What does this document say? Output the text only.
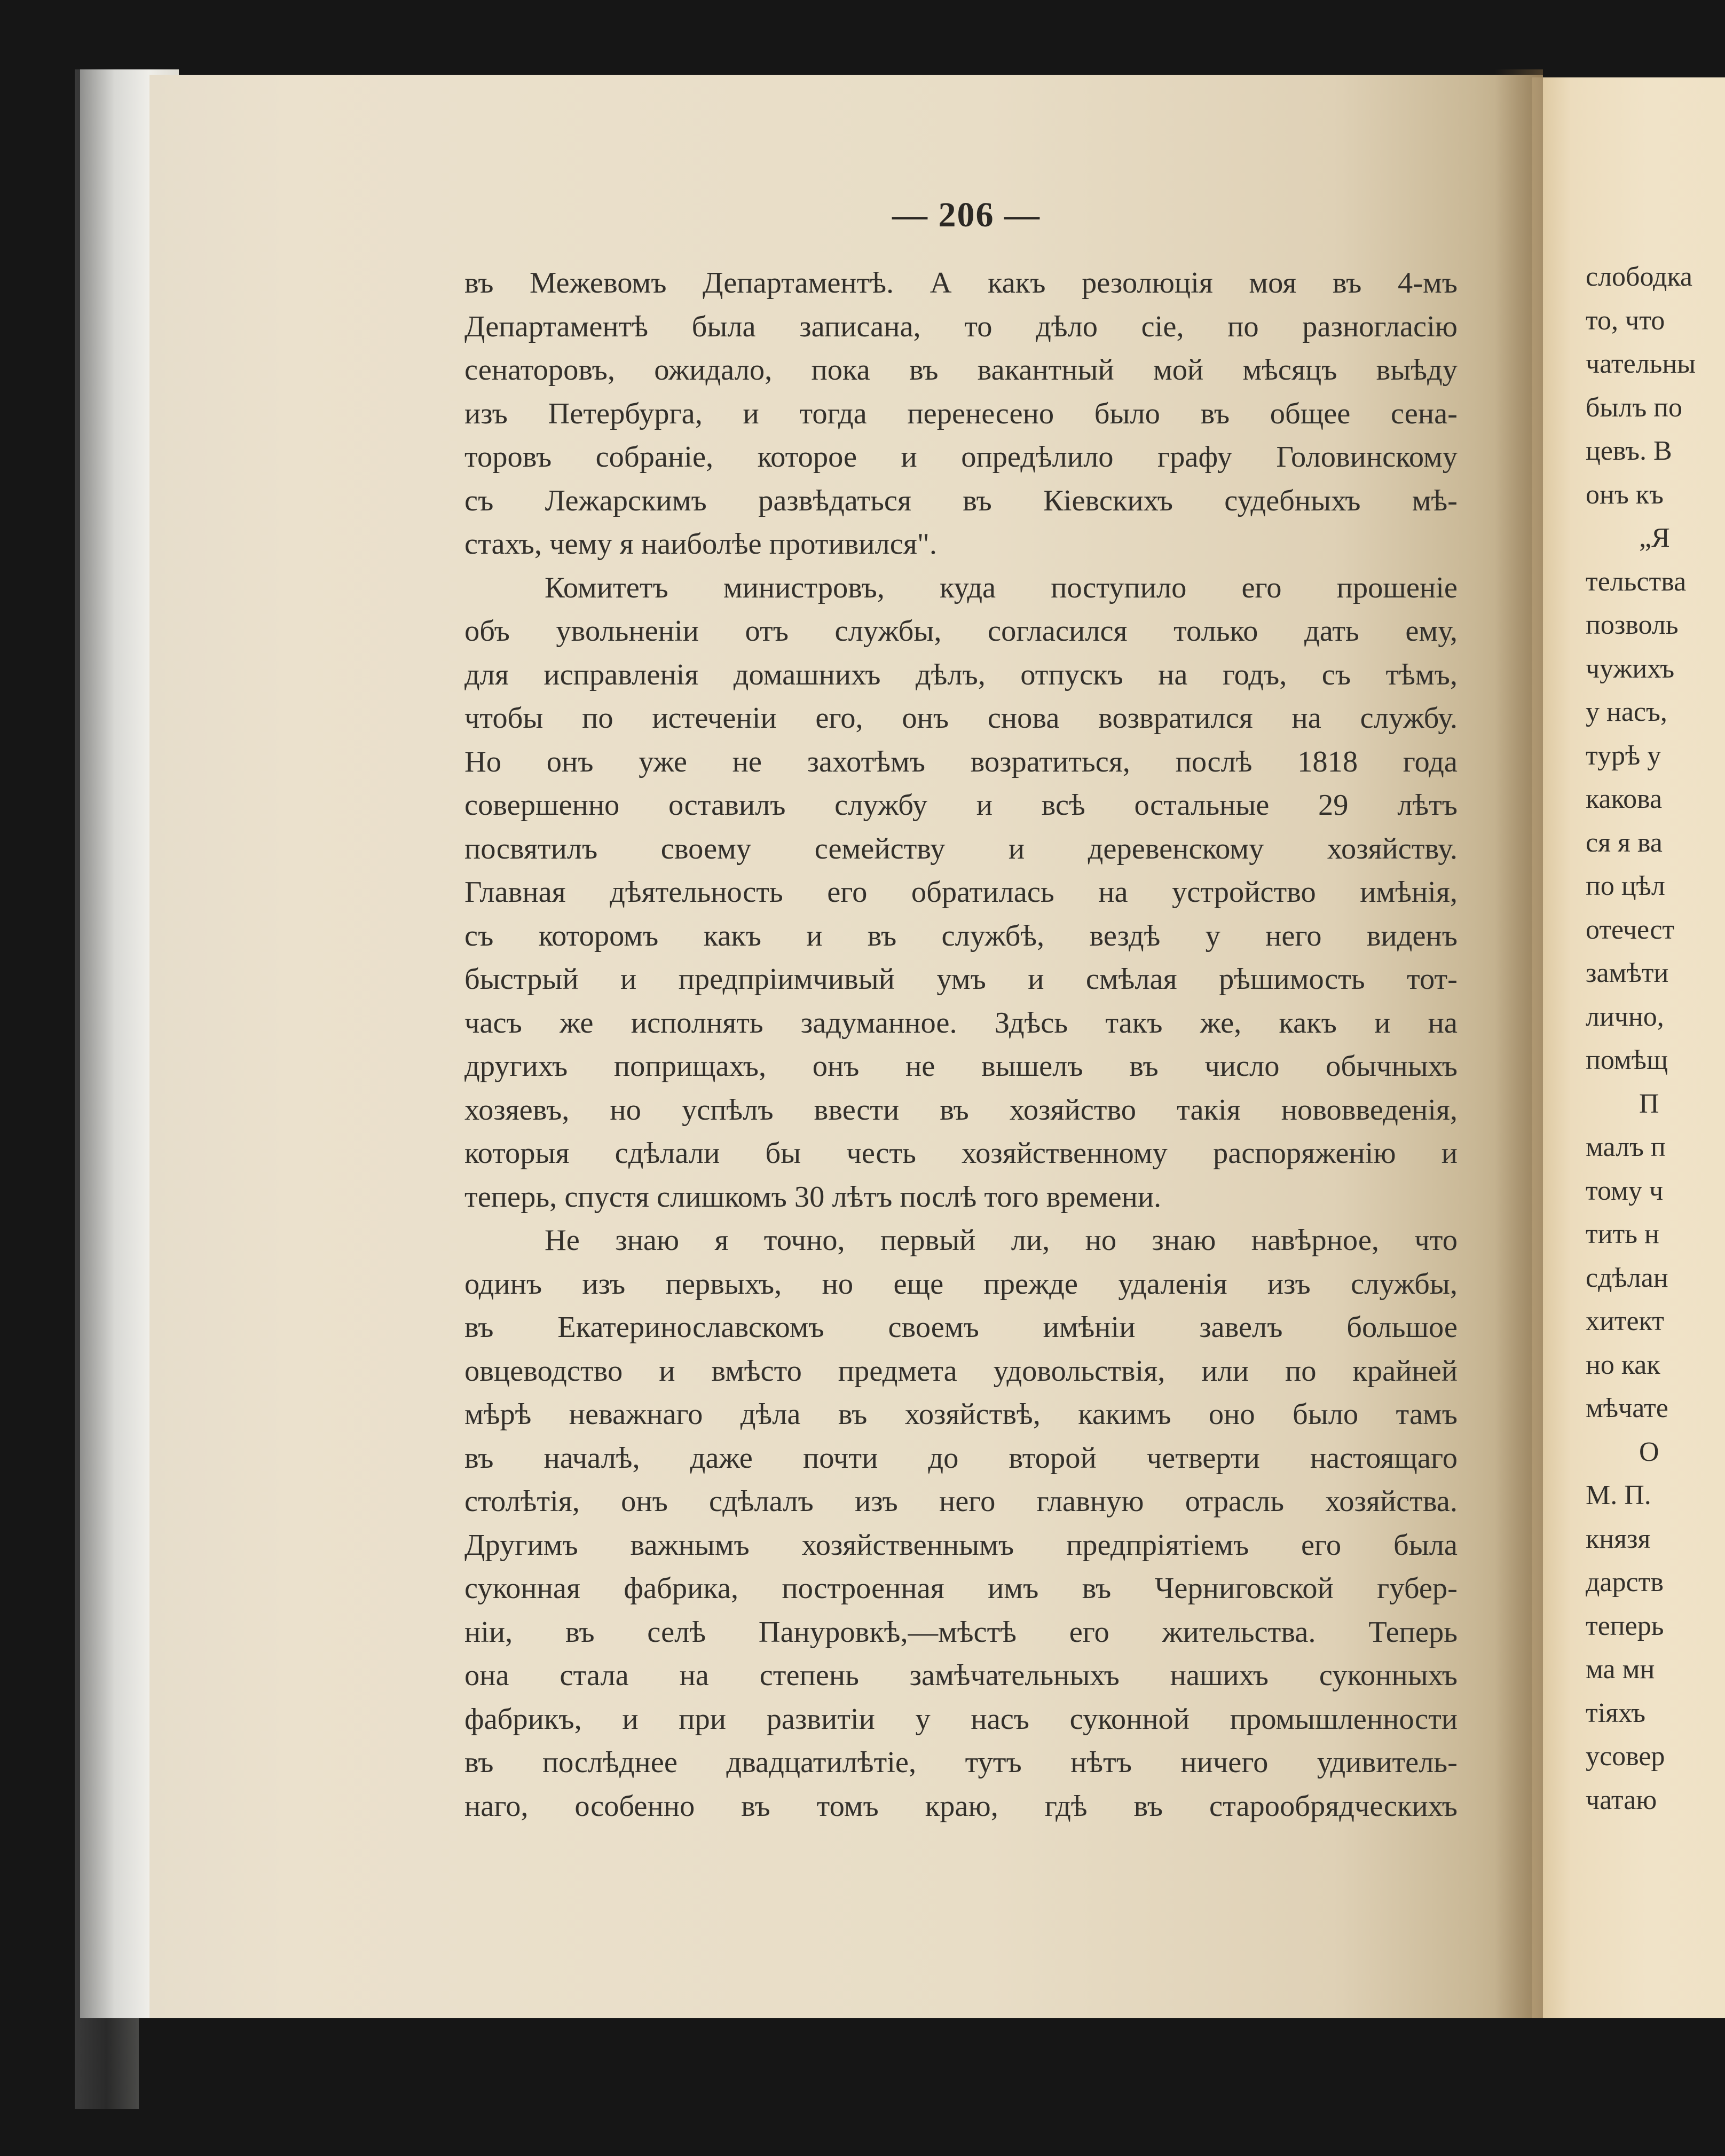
— 206 —
въ Межевомъ Департаментѣ. А какъ резолюція моя въ 4-мъ
Департаментѣ была записана, то дѣло сіе, по разногласію
сенаторовъ, ожидало, пока въ вакантный мой мѣсяцъ выѣду
изъ Петербурга, и тогда перенесено было въ общее сена-
торовъ собраніе, которое и опредѣлило графу Головинскому
съ Лежарскимъ развѣдаться въ Кіевскихъ судебныхъ мѣ-
стахъ, чему я наиболѣе противился".
Комитетъ министровъ, куда поступило его прошеніе
объ увольненіи отъ службы, согласился только дать ему,
для исправленія домашнихъ дѣлъ, отпускъ на годъ, съ тѣмъ,
чтобы по истеченіи его, онъ снова возвратился на службу.
Но онъ уже не захотѣмъ возратиться, послѣ 1818 года
совершенно оставилъ службу и всѣ остальные 29 лѣтъ
посвятилъ своему семейству и деревенскому хозяйству.
Главная дѣятельность его обратилась на устройство имѣнія,
съ которомъ какъ и въ службѣ, вездѣ у него виденъ
быстрый и предпріимчивый умъ и смѣлая рѣшимость тот-
часъ же исполнять задуманное. Здѣсь такъ же, какъ и на
другихъ поприщахъ, онъ не вышелъ въ число обычныхъ
хозяевъ, но успѣлъ ввести въ хозяйство такія нововведенія,
которыя сдѣлали бы честь хозяйственному распоряженію и
теперь, спустя слишкомъ 30 лѣтъ послѣ того времени.
Не знаю я точно, первый ли, но знаю навѣрное, что
одинъ изъ первыхъ, но еще прежде удаленія изъ службы,
въ Екатеринославскомъ своемъ имѣніи завелъ большое
овцеводство и вмѣсто предмета удовольствія, или по крайней
мѣрѣ неважнаго дѣла въ хозяйствѣ, какимъ оно было тамъ
въ началѣ, даже почти до второй четверти настоящаго
столѣтія, онъ сдѣлалъ изъ него главную отрасль хозяйства.
Другимъ важнымъ хозяйственнымъ предпріятіемъ его была
суконная фабрика, построенная имъ въ Черниговской губер-
ніи, въ селѣ Пануровкѣ,—мѣстѣ его жительства. Теперь
она стала на степень замѣчательныхъ нашихъ суконныхъ
фабрикъ, и при развитіи у насъ суконной промышленности
въ послѣднее двадцатилѣтіе, тутъ нѣтъ ничего удивитель-
наго, особенно въ томъ краю, гдѣ въ старообрядческихъ
слободка
то, что
чательны
былъ по
цевъ. В
онъ къ
„Я
тельства
позволь
чужихъ
у насъ,
турѣ у
какова
ся я ва
по цѣл
отечест
замѣти
лично,
помѣщ
П
малъ п
тому ч
тить н
сдѣлан
хитект
но как
мѣчате
О
М. П.
князя
дарств
теперь
ма мн
тіяхъ
усовер
чатаю
